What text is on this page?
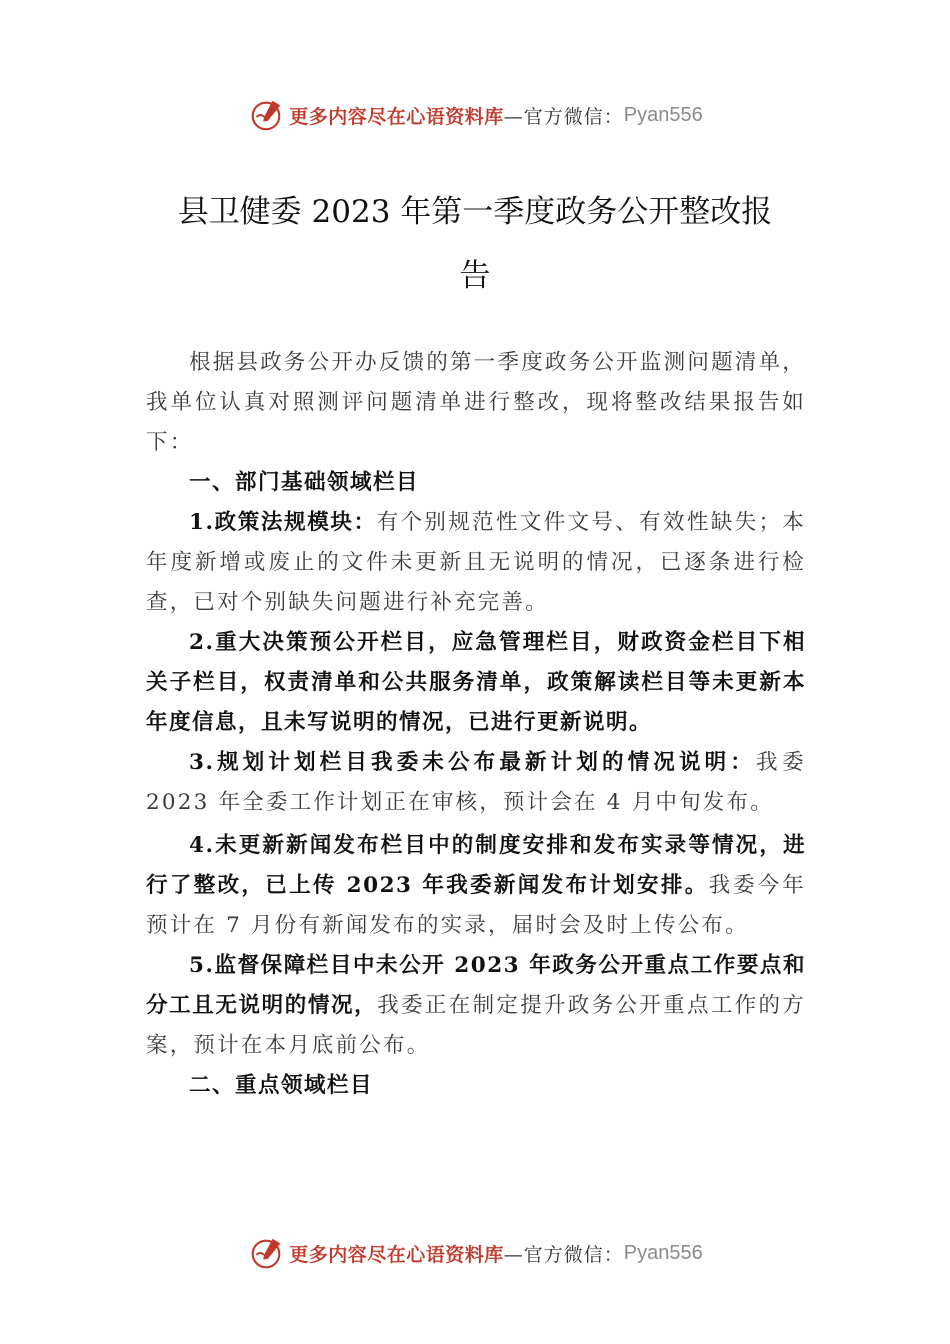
更多内容尽在心语资料库 —官方微信： Pyan556
县卫健委 2023 年第一季度政务公开整改报
告

根据县政务公开办反馈的第一季度政务公开监测问题清单，我单位认真对照测评问题清单进行整改，现将整改结果报告如下：

一、部门基础领域栏目

1.政策法规模块：有个别规范性文件文号、有效性缺失；本年度新增或废止的文件未更新且无说明的情况，已逐条进行检查，已对个别缺失问题进行补充完善。

2.重大决策预公开栏目，应急管理栏目，财政资金栏目下相关子栏目，权责清单和公共服务清单，政策解读栏目等未更新本年度信息，且未写说明的情况，已进行更新说明。

3.规划计划栏目我委未公布最新计划的情况说明：我委 2023 年全委工作计划正在审核，预计会在 4 月中旬发布。

4.未更新新闻发布栏目中的制度安排和发布实录等情况，进行了整改，已上传 2023 年我委新闻发布计划安排。我委今年预计在 7 月份有新闻发布的实录，届时会及时上传公布。

5.监督保障栏目中未公开 2023 年政务公开重点工作要点和分工且无说明的情况，我委正在制定提升政务公开重点工作的方案，预计在本月底前公布。

二、重点领域栏目
更多内容尽在心语资料库 —官方微信： Pyan556
